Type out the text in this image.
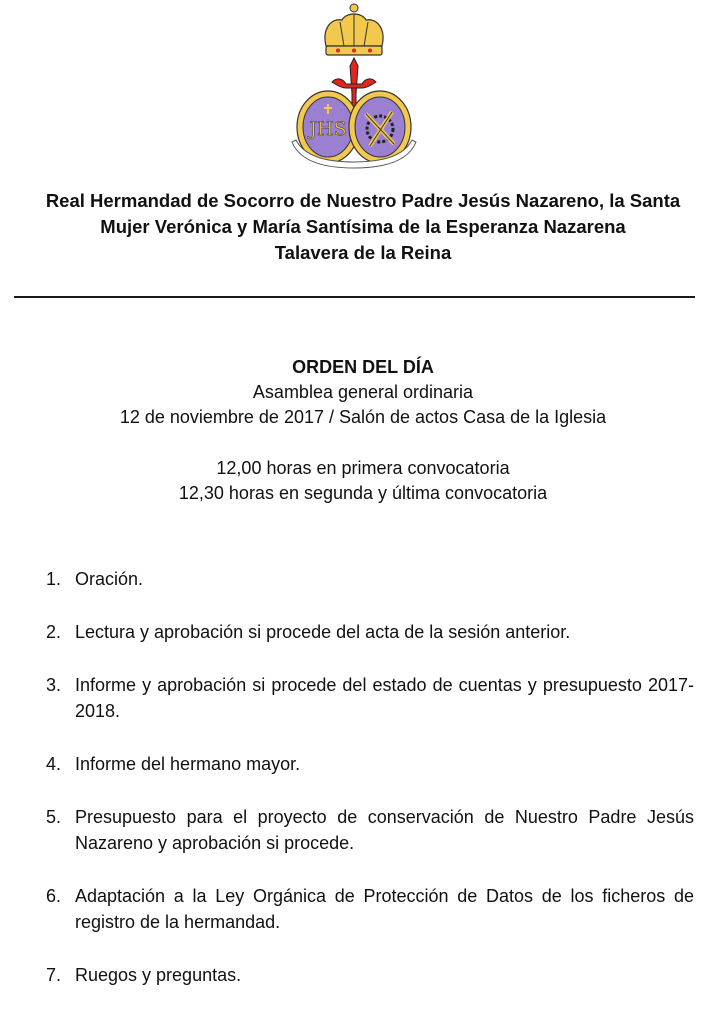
JHS
Real Hermandad de Socorro de Nuestro Padre Jesús Nazareno, la Santa
Mujer Verónica y María Santísima de la Esperanza Nazarena
Talavera de la Reina
ORDEN DEL DÍA
Asamblea general ordinaria
12 de noviembre de 2017 / Salón de actos Casa de la Iglesia
12,00 horas en primera convocatoria
12,30 horas en segunda y última convocatoria
1. Oración.
2. Lectura y aprobación si procede del acta de la sesión anterior.
3. Informe y aprobación si procede del estado de cuentas y presupuesto 2017-2018.
4. Informe del hermano mayor.
5. Presupuesto para el proyecto de conservación de Nuestro Padre Jesús Nazareno y aprobación si procede.
6. Adaptación a la Ley Orgánica de Protección de Datos de los ficheros de registro de la hermandad.
7. Ruegos y preguntas.
